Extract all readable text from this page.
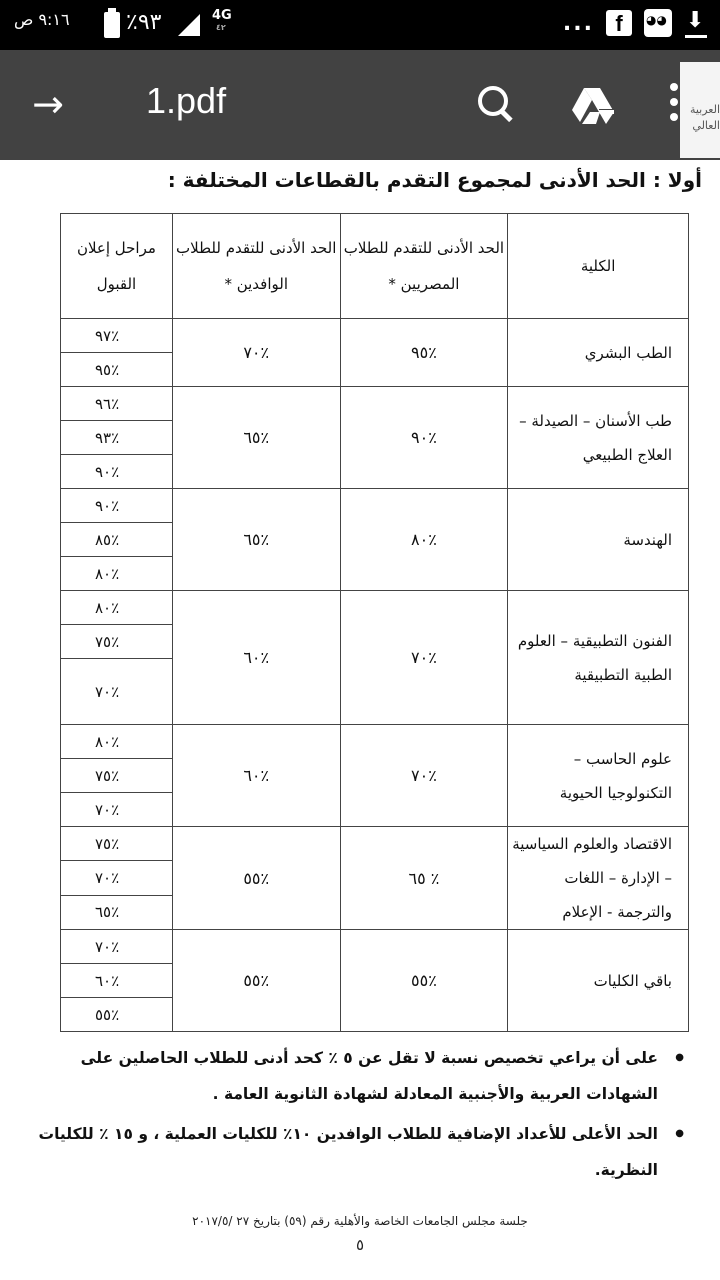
٩:١٦ ص	٪٩٣	4G
٤٢	... f
◕◕
⬇
→ 1.pdf	العربية العالي
أولا : الحد الأدنى لمجموع التقدم بالقطاعات المختلفة :
الكلية	الحد الأدنى للتقدم للطلاب المصريين *	الحد الأدنى للتقدم للطلاب الوافدين *	مراحل إعلان القبول
الطب البشري	٪٩٥	٪٧٠	٪٩٧
			٪٩٥
طب الأسنان – الصيدلة – العلاج الطبيعي	٪٩٠	٪٦٥	٪٩٦
			٪٩٣
			٪٩٠
الهندسة	٪٨٠	٪٦٥	٪٩٠
			٪٨٥
			٪٨٠
الفنون التطبيقية – العلوم الطبية التطبيقية	٪٧٠	٪٦٠	٪٨٠
			٪٧٥
			٪٧٠
علوم الحاسب – التكنولوجيا الحيوية	٪٧٠	٪٦٠	٪٨٠
			٪٧٥
			٪٧٠
الاقتصاد والعلوم السياسية – الإدارة – اللغات والترجمة - الإعلام	٪ ٦٥	٪٥٥	٪٧٥
			٪٧٠
			٪٦٥
باقي الكليات	٪٥٥	٪٥٥	٪٧٠
			٪٦٠
			٪٥٥
● على أن يراعي تخصيص نسبة لا تقل عن ٥ ٪ كحد أدنى للطلاب الحاصلين على الشهادات العربية والأجنبية المعادلة لشهادة الثانوية العامة .
● الحد الأعلى للأعداد الإضافية للطلاب الوافدين ١٠٪ للكليات العملية ، و ١٥ ٪ للكليات النظرية.
جلسة مجلس الجامعات الخاصة والأهلية رقم (٥٩) بتاريخ ٢٧ /٢٠١٧/٥
٥
